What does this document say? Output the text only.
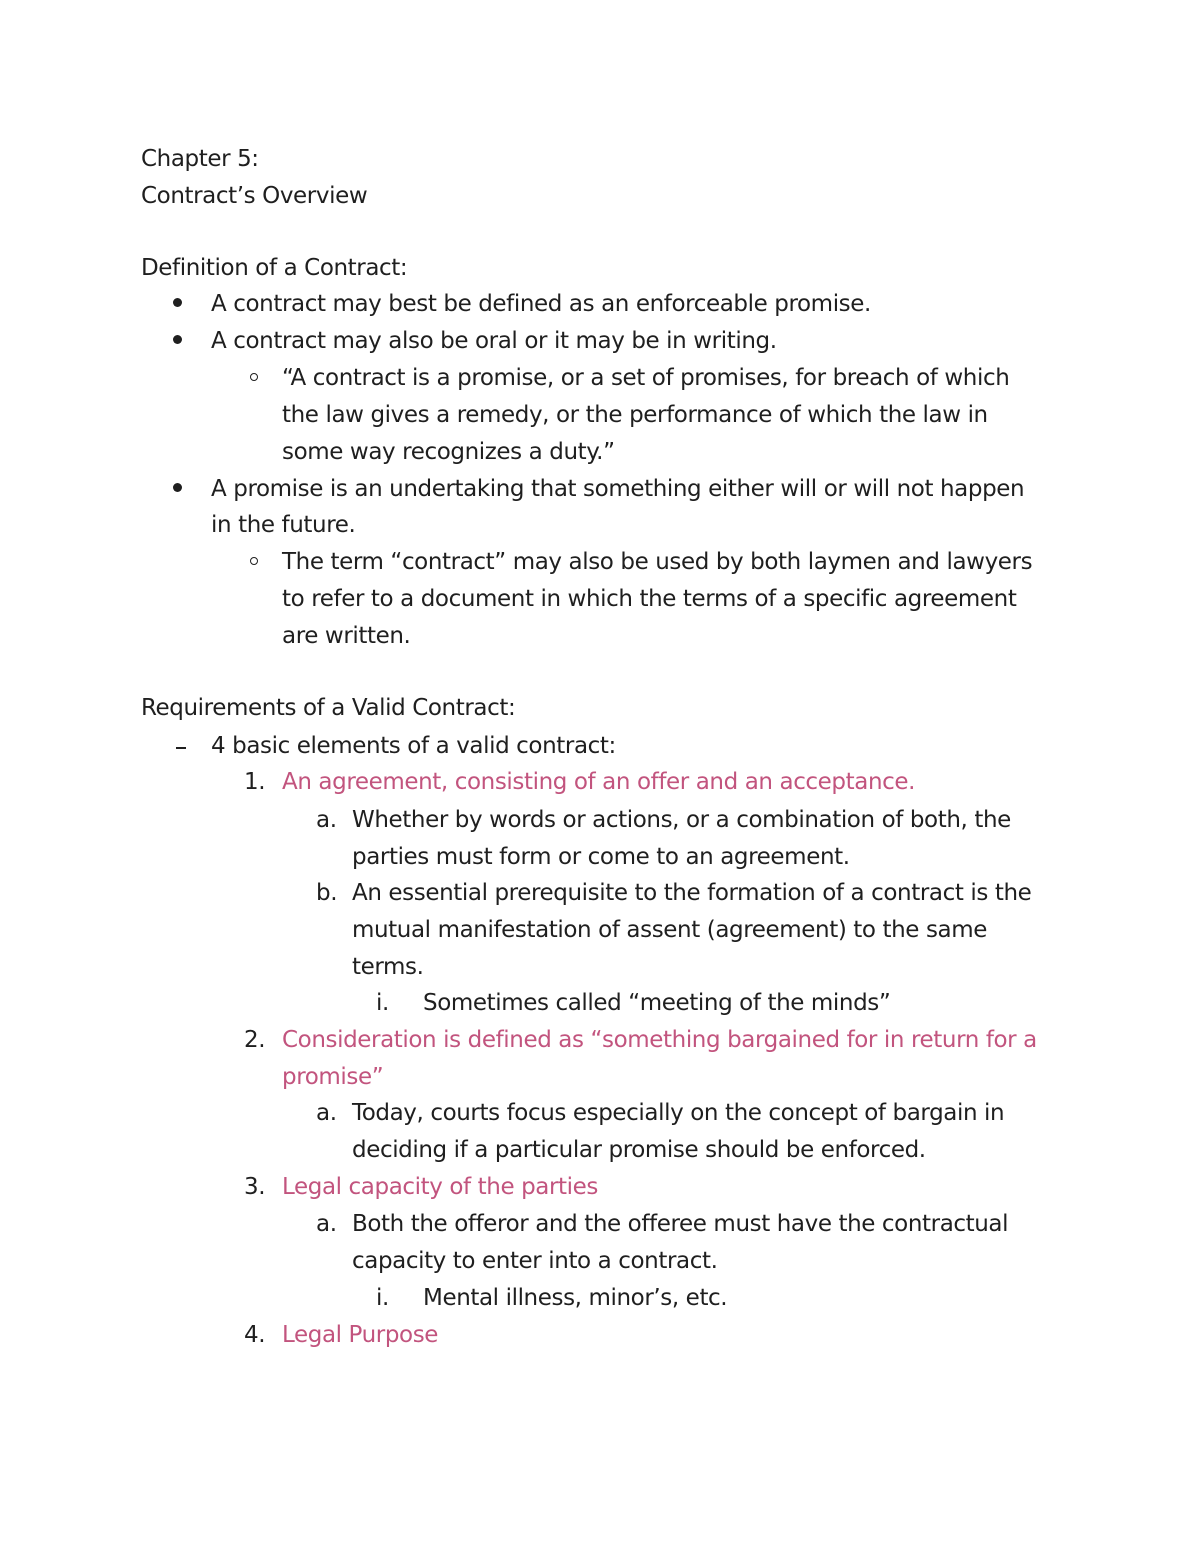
Chapter 5:
Contract’s Overview
Definition of a Contract:
A contract may best be defined as an enforceable promise.
A contract may also be oral or it may be in writing.
“A contract is a promise, or a set of promises, for breach of which
the law gives a remedy, or the performance of which the law in
some way recognizes a duty.”
A promise is an undertaking that something either will or will not happen
in the future.
The term “contract” may also be used by both laymen and lawyers
to refer to a document in which the terms of a specific agreement
are written.
Requirements of a Valid Contract:
4 basic elements of a valid contract:
1. An agreement, consisting of an offer and an acceptance.
a. Whether by words or actions, or a combination of both, the
parties must form or come to an agreement.
b. An essential prerequisite to the formation of a contract is the
mutual manifestation of assent (agreement) to the same
terms.
i. Sometimes called “meeting of the minds”
2. Consideration is defined as “something bargained for in return for a
promise”
a. Today, courts focus especially on the concept of bargain in
deciding if a particular promise should be enforced.
3. Legal capacity of the parties
a. Both the offeror and the offeree must have the contractual
capacity to enter into a contract.
i. Mental illness, minor’s, etc.
4. Legal Purpose
